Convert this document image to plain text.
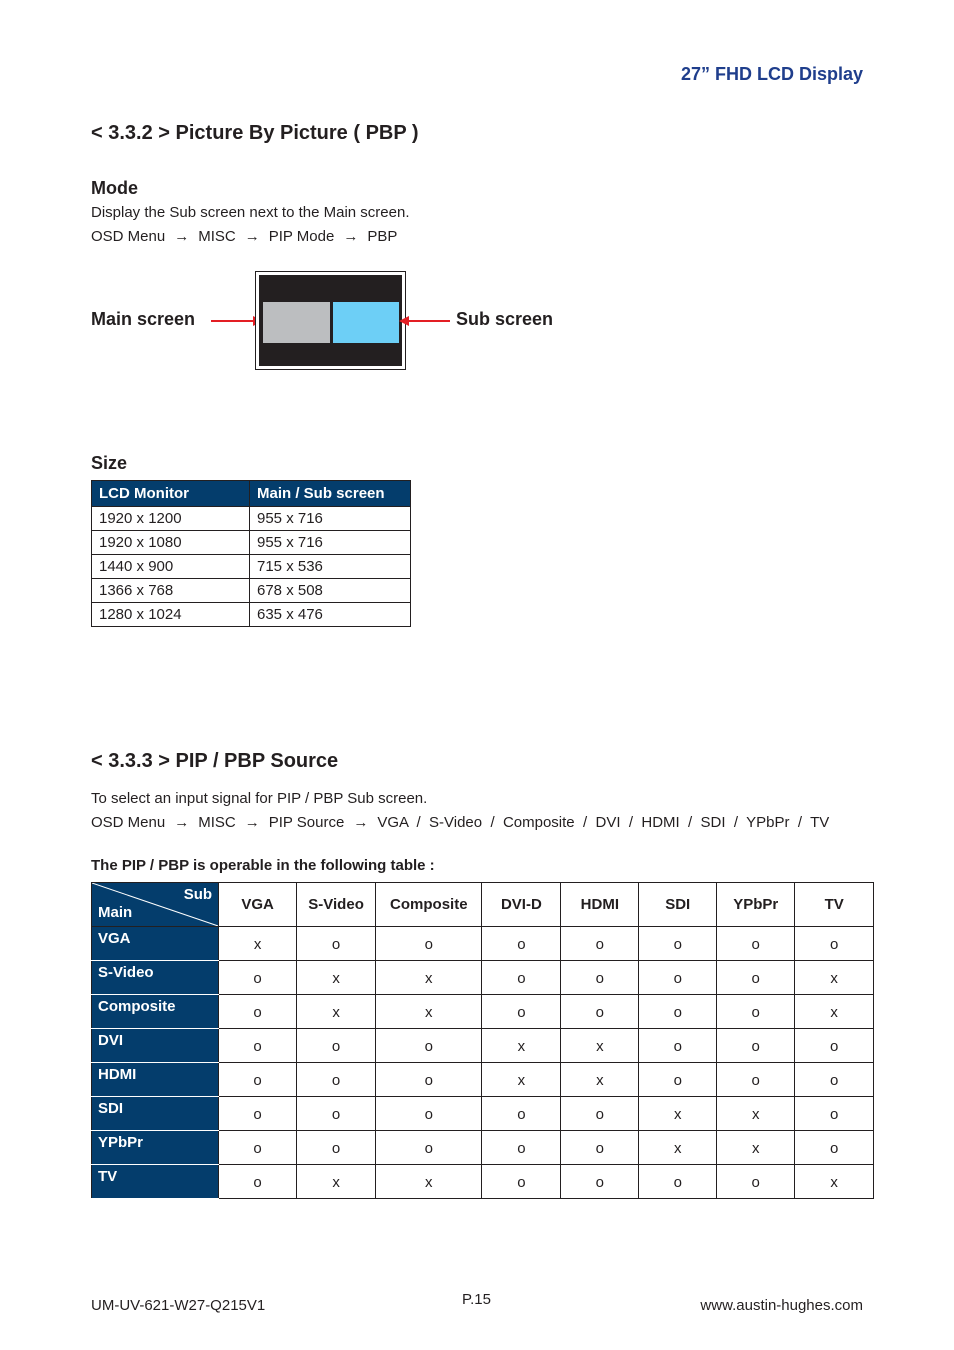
27” FHD LCD Display
< 3.3.2 > Picture By Picture ( PBP )
Mode
Display the Sub screen next to the Main screen.
OSD Menu → MISC → PIP Mode → PBP
Main screen	Sub screen
Size
LCD Monitor	Main / Sub screen
1920 x 1200	955 x 716
1920 x 1080	955 x 716
1440 x 900	715 x 536
1366 x 768	678 x 508
1280 x 1024	635 x 476
< 3.3.3 > PIP / PBP Source
To select an input signal for PIP / PBP Sub screen.
OSD Menu → MISC → PIP Source → VGA  /  S-Video  /  Composite  /  DVI  /  HDMI  /  SDI  /  YPbPr  /  TV
The PIP / PBP is operable in the following table :
Sub
Main	VGA	S-Video	Composite	DVI-D	HDMI	SDI	YPbPr	TV
VGA	x	o	o	o	o	o	o	o
S-Video	o	x	x	o	o	o	o	x
Composite	o	x	x	o	o	o	o	x
DVI	o	o	o	x	x	o	o	o
HDMI	o	o	o	x	x	o	o	o
SDI	o	o	o	o	o	x	x	o
YPbPr	o	o	o	o	o	x	x	o
TV	o	x	x	o	o	o	o	x
UM-UV-621-W27-Q215V1	P.15	www.austin-hughes.com
